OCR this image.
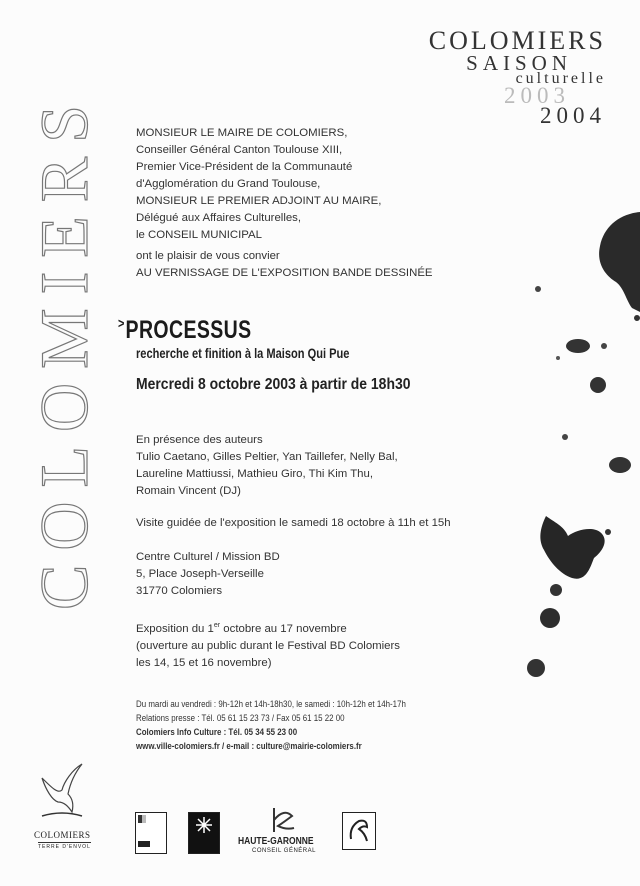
COLOMIERS
COLOMIERS
SAISON
culturelle
2003
2004
MONSIEUR LE MAIRE DE COLOMIERS,
Conseiller Général Canton Toulouse XIII,
Premier Vice-Président de la Communauté
d'Agglomération du Grand Toulouse,
MONSIEUR LE PREMIER ADJOINT AU MAIRE,
Délégué aux Affaires Culturelles,
le CONSEIL MUNICIPAL
ont le plaisir de vous convier
AU VERNISSAGE DE L'EXPOSITION BANDE DESSINÉE
>PROCESSUS
recherche et finition à la Maison Qui Pue
Mercredi 8 octobre 2003 à partir de 18h30
En présence des auteurs
Tulio Caetano, Gilles Peltier, Yan Taillefer, Nelly Bal,
Laureline Mattiussi, Mathieu Giro, Thi Kim Thu,
Romain Vincent (DJ)
Visite guidée de l'exposition le samedi 18 octobre à 11h et 15h
Centre Culturel / Mission BD
5, Place Joseph-Verseille
31770 Colomiers
Exposition du 1er octobre au 17 novembre
(ouverture au public durant le Festival BD Colomiers
les 14, 15 et 16 novembre)
Du mardi au vendredi : 9h-12h et 14h-18h30, le samedi : 10h-12h et 14h-17h
Relations presse : Tél. 05 61 15 23 73 / Fax 05 61 15 22 00
Colomiers Info Culture : Tél. 05 34 55 23 00
www.ville-colomiers.fr / e-mail : culture@mairie-colomiers.fr
COLOMIERS
TERRE D'ENVOL	HAUTE-GARONNE
CONSEIL GÉNÉRAL
